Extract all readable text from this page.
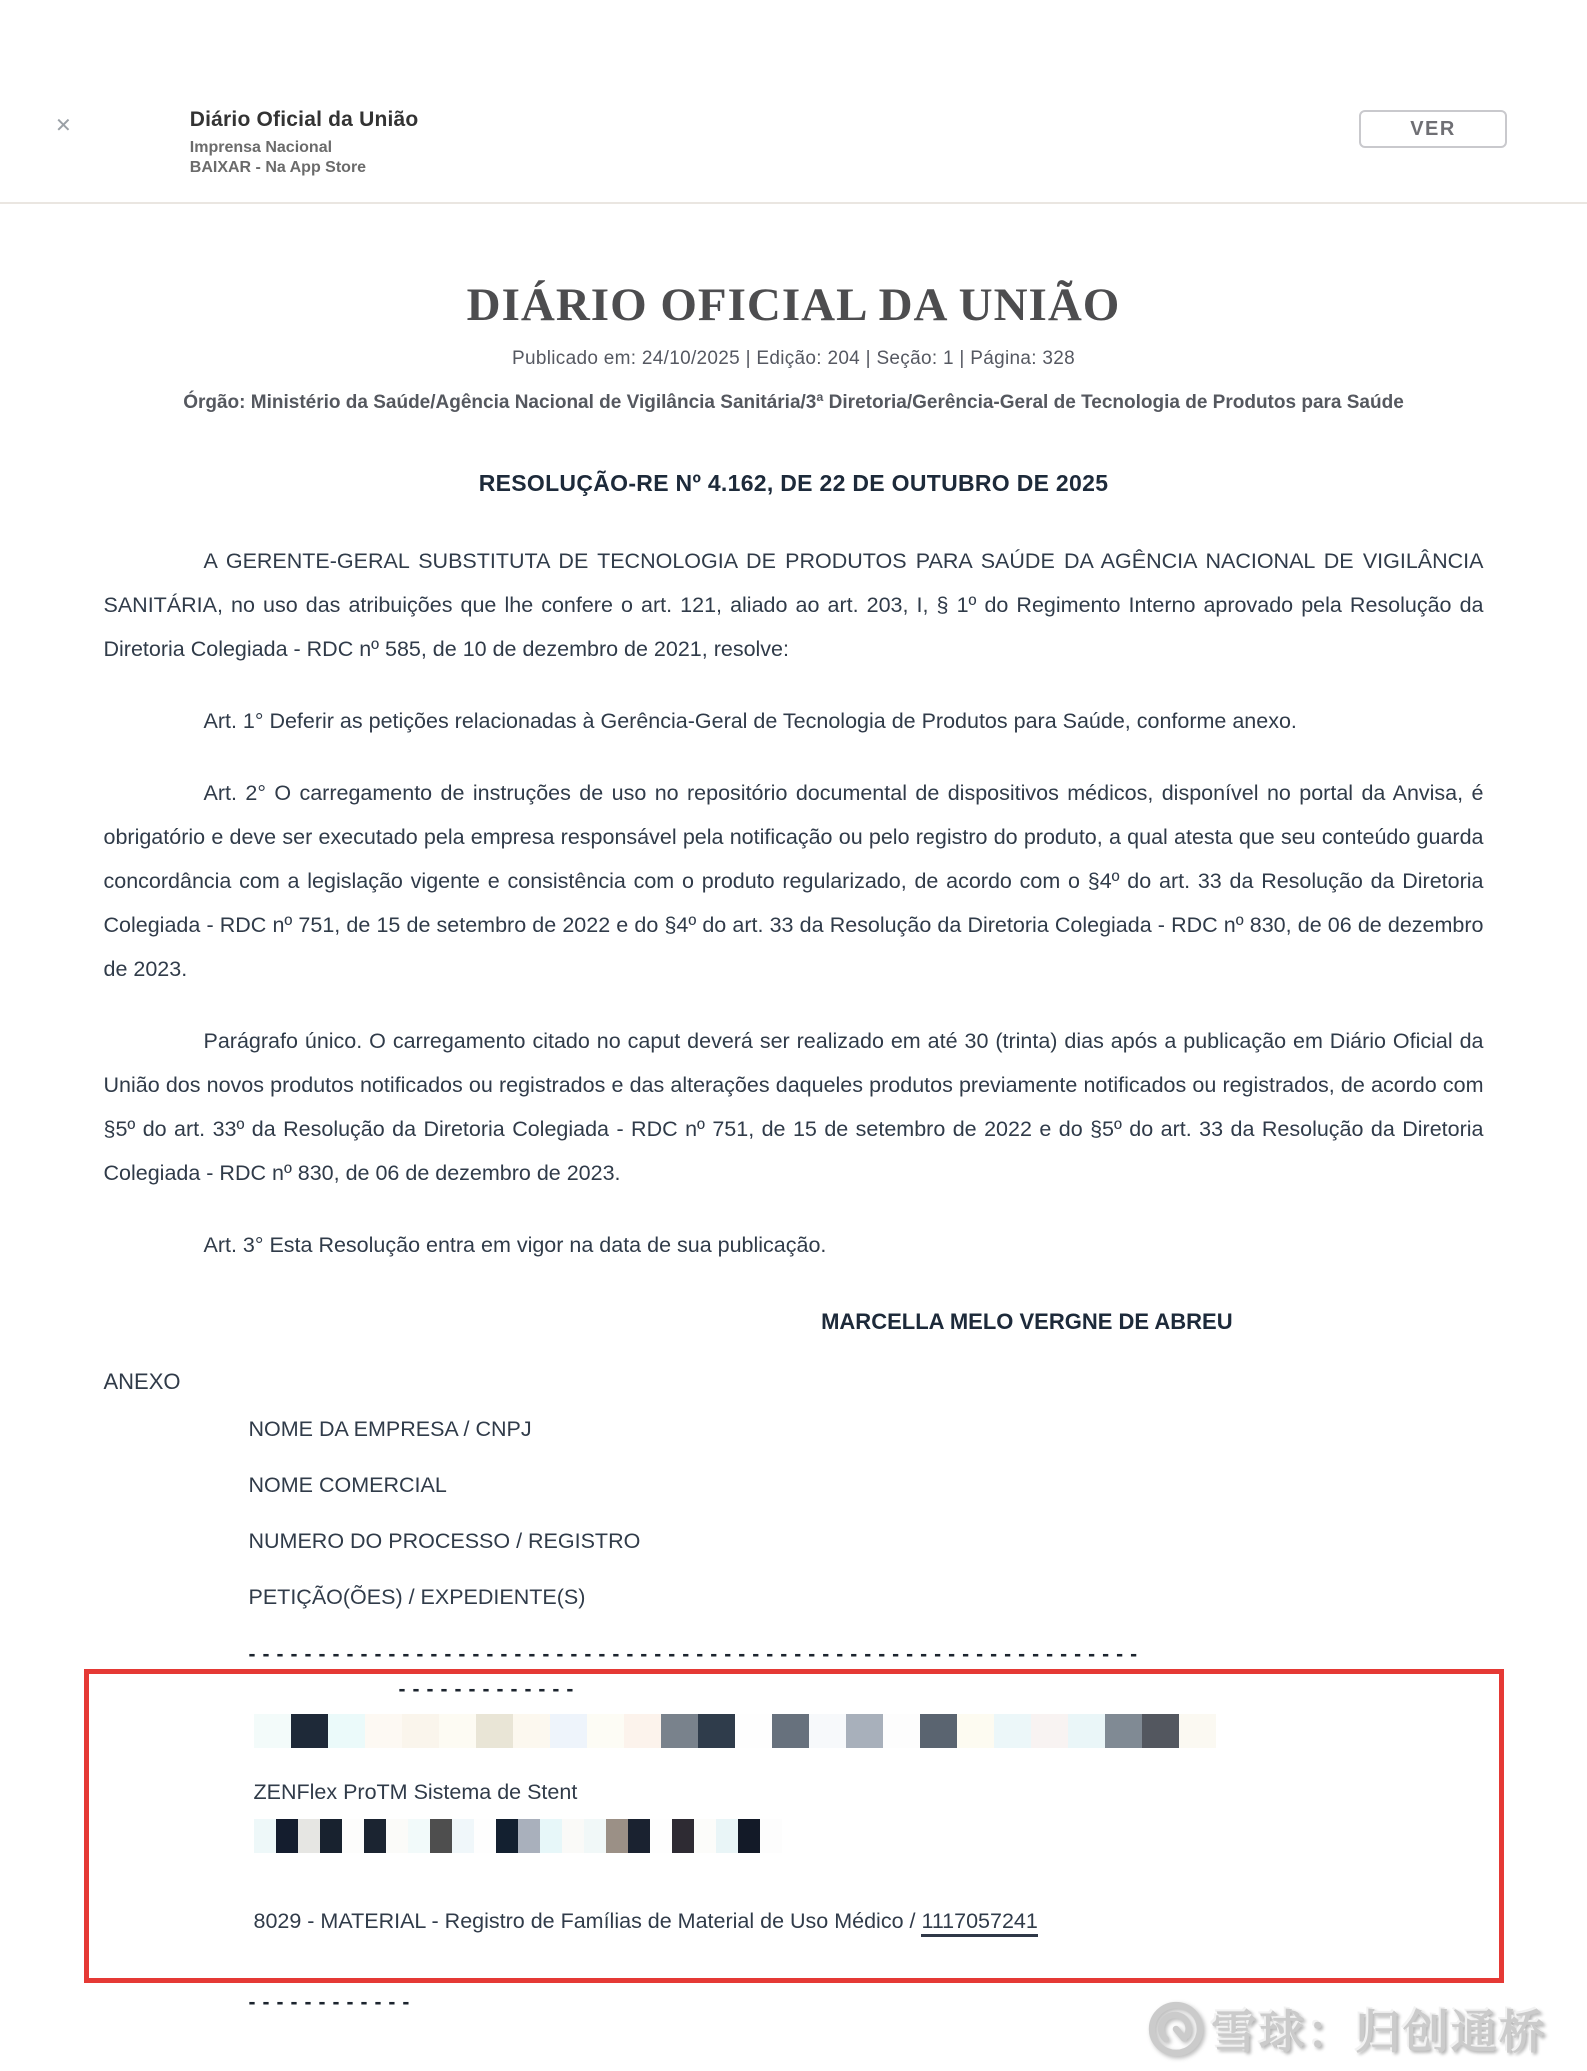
✕	Diário Oficial da União
Imprensa Nacional
BAIXAR - Na App Store
VER
DIÁRIO OFICIAL DA UNIÃO
Publicado em: 24/10/2025 | Edição: 204 | Seção: 1 | Página: 328
Órgão: Ministério da Saúde/Agência Nacional de Vigilância Sanitária/3ª Diretoria/Gerência-Geral de Tecnologia de Produtos para Saúde
RESOLUÇÃO-RE Nº 4.162, DE 22 DE OUTUBRO DE 2025
A GERENTE-GERAL SUBSTITUTA DE TECNOLOGIA DE PRODUTOS PARA SAÚDE DA AGÊNCIA NACIONAL DE VIGILÂNCIA SANITÁRIA, no uso das atribuições que lhe confere o art. 121, aliado ao art. 203, I, § 1º do Regimento Interno aprovado pela Resolução da Diretoria Colegiada - RDC nº 585, de 10 de dezembro de 2021, resolve:
Art. 1° Deferir as petições relacionadas à Gerência-Geral de Tecnologia de Produtos para Saúde, conforme anexo.
Art. 2° O carregamento de instruções de uso no repositório documental de dispositivos médicos, disponível no portal da Anvisa, é obrigatório e deve ser executado pela empresa responsável pela notificação ou pelo registro do produto, a qual atesta que seu conteúdo guarda concordância com a legislação vigente e consistência com o produto regularizado, de acordo com o §4º do art. 33 da Resolução da Diretoria Colegiada - RDC nº 751, de 15 de setembro de 2022 e do §4º do art. 33 da Resolução da Diretoria Colegiada - RDC nº 830, de 06 de dezembro de 2023.
Parágrafo único. O carregamento citado no caput deverá ser realizado em até 30 (trinta) dias após a publicação em Diário Oficial da União dos novos produtos notificados ou registrados e das alterações daqueles produtos previamente notificados ou registrados, de acordo com §5º do art. 33º da Resolução da Diretoria Colegiada - RDC nº 751, de 15 de setembro de 2022 e do §5º do art. 33 da Resolução da Diretoria Colegiada - RDC nº 830, de 06 de dezembro de 2023.
Art. 3° Esta Resolução entra em vigor na data de sua publicação.
MARCELLA MELO VERGNE DE ABREU
ANEXO
NOME DA EMPRESA / CNPJ
NOME COMERCIAL
NUMERO DO PROCESSO / REGISTRO
PETIÇÃO(ÕES) / EXPEDIENTE(S)
----------------------------------------------------------------
-------------
ZENFlex ProTM Sistema de Stent
8029 - MATERIAL - Registro de Famílias de Material de Uso Médico / 1117057241
------------
雪球：归创通桥
